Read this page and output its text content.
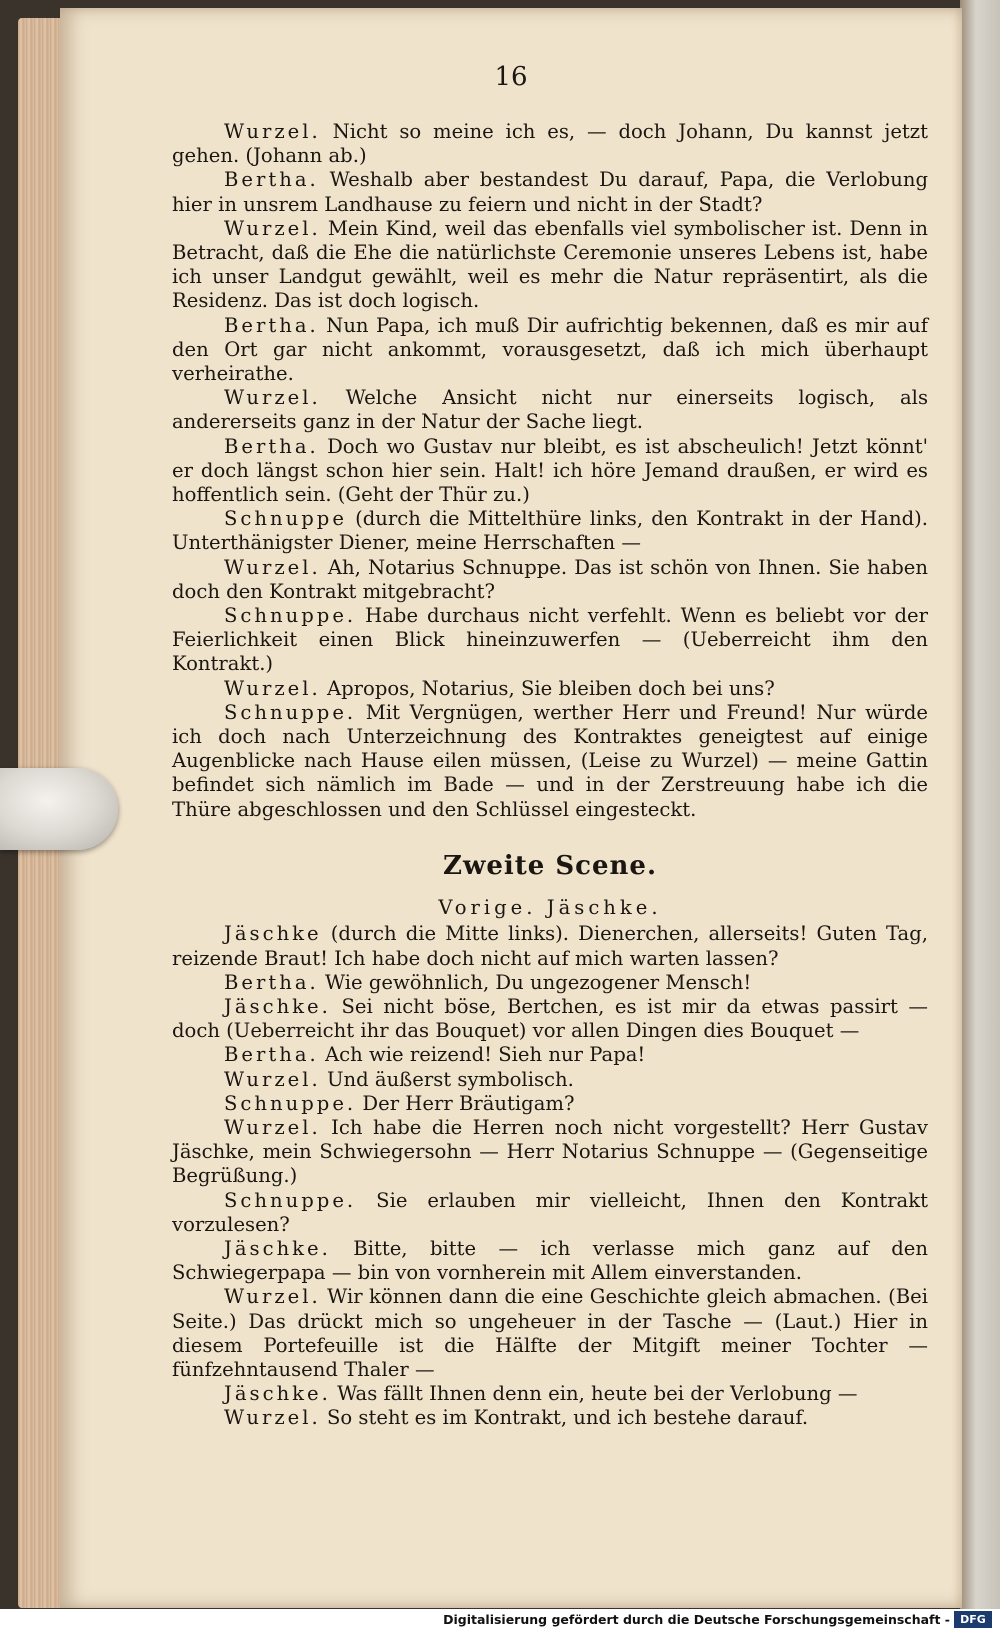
16

Wurzel. Nicht so meine ich es, — doch Johann, Du kannst jetzt gehen. (Johann ab.)

Bertha. Weshalb aber bestandest Du darauf, Papa, die Verlobung hier in unsrem Landhause zu feiern und nicht in der Stadt?

Wurzel. Mein Kind, weil das ebenfalls viel symbolischer ist. Denn in Betracht, daß die Ehe die natürlichste Ceremonie unseres Lebens ist, habe ich unser Landgut gewählt, weil es mehr die Natur repräsentirt, als die Residenz. Das ist doch logisch.

Bertha. Nun Papa, ich muß Dir aufrichtig bekennen, daß es mir auf den Ort gar nicht ankommt, vorausgesetzt, daß ich mich überhaupt verheirathe.

Wurzel. Welche Ansicht nicht nur einerseits logisch, als andererseits ganz in der Natur der Sache liegt.

Bertha. Doch wo Gustav nur bleibt, es ist abscheulich! Jetzt könnt' er doch längst schon hier sein. Halt! ich höre Jemand draußen, er wird es hoffentlich sein. (Geht der Thür zu.)

Schnuppe (durch die Mittelthüre links, den Kontrakt in der Hand). Unterthänigster Diener, meine Herrschaften —

Wurzel. Ah, Notarius Schnuppe. Das ist schön von Ihnen. Sie haben doch den Kontrakt mitgebracht?

Schnuppe. Habe durchaus nicht verfehlt. Wenn es beliebt vor der Feierlichkeit einen Blick hineinzuwerfen — (Ueberreicht ihm den Kontrakt.)

Wurzel. Apropos, Notarius, Sie bleiben doch bei uns?

Schnuppe. Mit Vergnügen, werther Herr und Freund! Nur würde ich doch nach Unterzeichnung des Kontraktes geneigtest auf einige Augenblicke nach Hause eilen müssen, (Leise zu Wurzel) — meine Gattin befindet sich nämlich im Bade — und in der Zerstreuung habe ich die Thüre abgeschlossen und den Schlüssel eingesteckt.

Zweite Scene.
Vorige. Jäschke.

Jäschke (durch die Mitte links). Dienerchen, allerseits! Guten Tag, reizende Braut! Ich habe doch nicht auf mich warten lassen?

Bertha. Wie gewöhnlich, Du ungezogener Mensch!

Jäschke. Sei nicht böse, Bertchen, es ist mir da etwas passirt — doch (Ueberreicht ihr das Bouquet) vor allen Dingen dies Bouquet —

Bertha. Ach wie reizend! Sieh nur Papa!

Wurzel. Und äußerst symbolisch.

Schnuppe. Der Herr Bräutigam?

Wurzel. Ich habe die Herren noch nicht vorgestellt? Herr Gustav Jäschke, mein Schwiegersohn — Herr Notarius Schnuppe — (Gegenseitige Begrüßung.)

Schnuppe. Sie erlauben mir vielleicht, Ihnen den Kontrakt vorzulesen?

Jäschke. Bitte, bitte — ich verlasse mich ganz auf den Schwiegerpapa — bin von vornherein mit Allem einverstanden.

Wurzel. Wir können dann die eine Geschichte gleich abmachen. (Bei Seite.) Das drückt mich so ungeheuer in der Tasche — (Laut.) Hier in diesem Portefeuille ist die Hälfte der Mitgift meiner Tochter — fünfzehntausend Thaler —

Jäschke. Was fällt Ihnen denn ein, heute bei der Verlobung —

Wurzel. So steht es im Kontrakt, und ich bestehe darauf.

Digitalisierung gefördert durch die Deutsche Forschungsgemeinschaft - DFG
